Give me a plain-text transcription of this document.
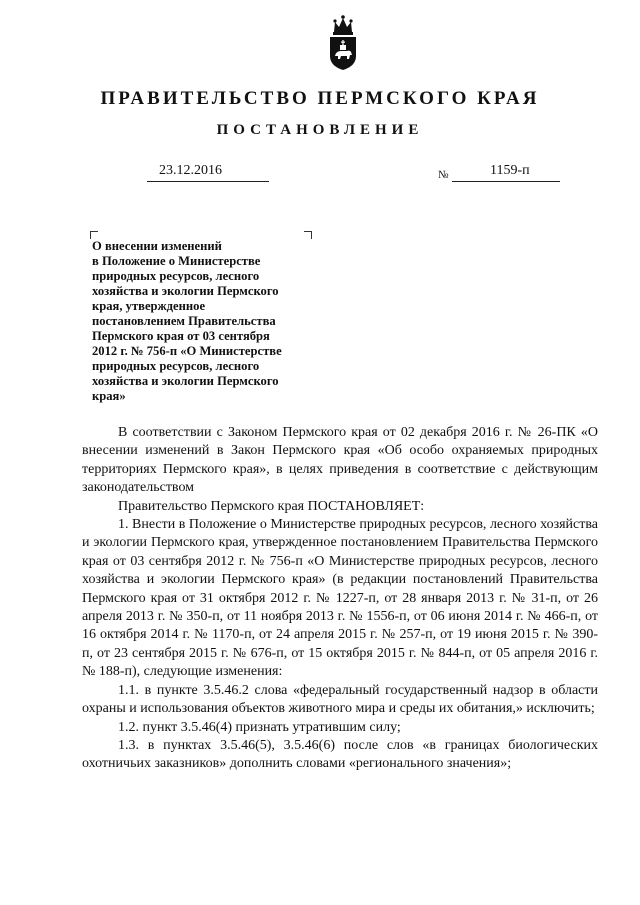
ПРАВИТЕЛЬСТВО ПЕРМСКОГО КРАЯ
ПОСТАНОВЛЕНИЕ
23.12.2016	№	1159-п
О внесении изменений
в Положение о Министерстве
природных ресурсов, лесного
хозяйства и экологии Пермского
края, утвержденное
постановлением Правительства
Пермского края от 03 сентября
2012 г. № 756-п «О Министерстве
природных ресурсов, лесного
хозяйства и экологии Пермского
края»

В соответствии с Законом Пермского края от 02 декабря 2016 г. № 26-ПК «О внесении изменений в Закон Пермского края «Об особо охраняемых природных территориях Пермского края», в целях приведения в соответствие с действующим законодательством

Правительство Пермского края ПОСТАНОВЛЯЕТ:

1. Внести в Положение о Министерстве природных ресурсов, лесного хозяйства и экологии Пермского края, утвержденное постановлением Правительства Пермского края от 03 сентября 2012 г. № 756-п «О Министерстве природных ресурсов, лесного хозяйства и экологии Пермского края» (в редакции постановлений Правительства Пермского края от 31 октября 2012 г. № 1227-п, от 28 января 2013 г. № 31-п, от 26 апреля 2013 г. № 350-п, от 11 ноября 2013 г. № 1556-п, от 06 июня 2014 г. № 466-п, от 16 октября 2014 г. № 1170-п, от 24 апреля 2015 г. № 257-п, от 19 июня 2015 г. № 390-п, от 23 сентября 2015 г. № 676-п, от 15 октября 2015 г. № 844-п, от 05 апреля 2016 г. № 188-п), следующие изменения:

1.1. в пункте 3.5.46.2 слова «федеральный государственный надзор в области охраны и использования объектов животного мира и среды их обитания,» исключить;

1.2. пункт 3.5.46(4) признать утратившим силу;

1.3. в пунктах 3.5.46(5), 3.5.46(6) после слов «в границах биологических охотничьих заказников» дополнить словами «регионального значения»;
